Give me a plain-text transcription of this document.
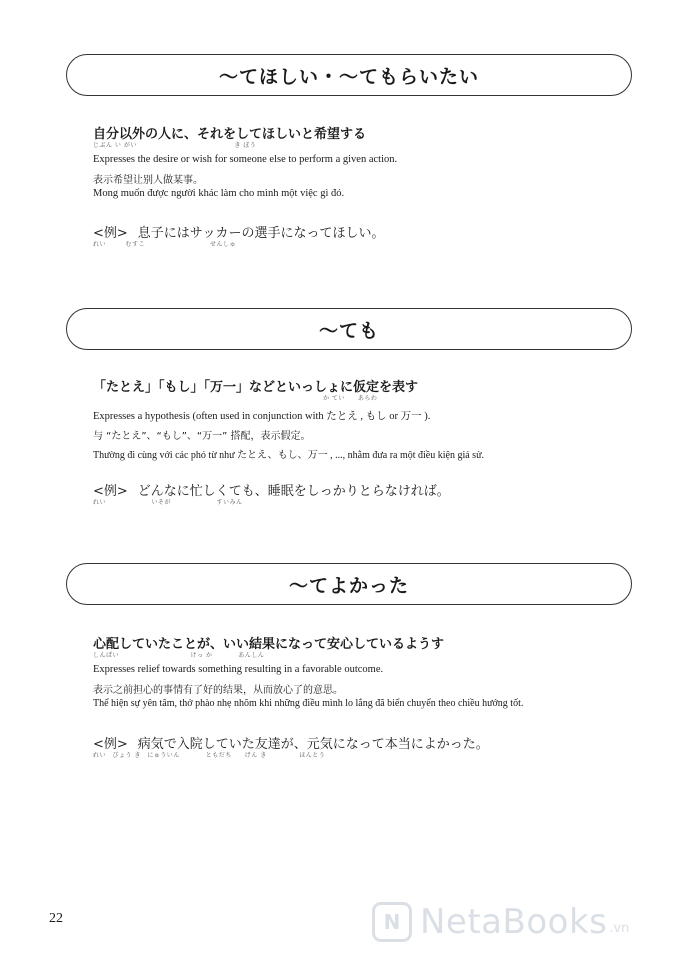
〜てほしい・〜てもらいたい
自分以外の人に、それをしてほしいと希望する
じぶん い がい　　　　　　　　　　　　　　　き ぼう
Expresses the desire or wish for someone else to perform a given action.
表示希望让别人做某事。
Mong muốn được người khác làm cho mình một việc gì đó.
<例> 息子にはサッカーの選手になってほしい。
れい　　　むすこ　　　　　　　　　　せんしゅ
〜ても
「たとえ」「もし」「万一」などといっしょに仮定を表す
か てい　　あらわ
Expresses a hypothesis (often used in conjunction with たとえ , もし or 万一 ).
与 “たとえ”、“もし”、“万一” 搭配，表示假定。
Thường đi cùng với các phó từ như たとえ、もし、万一 , ..., nhằm đưa ra một điều kiện giả sử.
<例> どんなに忙しくても、睡眠をしっかりとらなければ。
れい　　　　　　　いそが　　　　　　　すいみん
〜てよかった
心配していたことが、いい結果になって安心しているようす
しんぱい　　　　　　　　　　　けっ か　　　　あんしん
Expresses relief towards something resulting in a favorable outcome.
表示之前担心的事情有了好的结果，从而放心了的意思。
Thể hiện sự yên tâm, thở phào nhẹ nhõm khi những điều mình lo lắng đã biến chuyển theo chiều hướng tốt.
<例> 病気で入院していた友達が、元気になって本当によかった。
れい　びょう き　にゅういん　　　　ともだち　　げん き　　　　　ほんとう
22	N NetaBooks .vn
